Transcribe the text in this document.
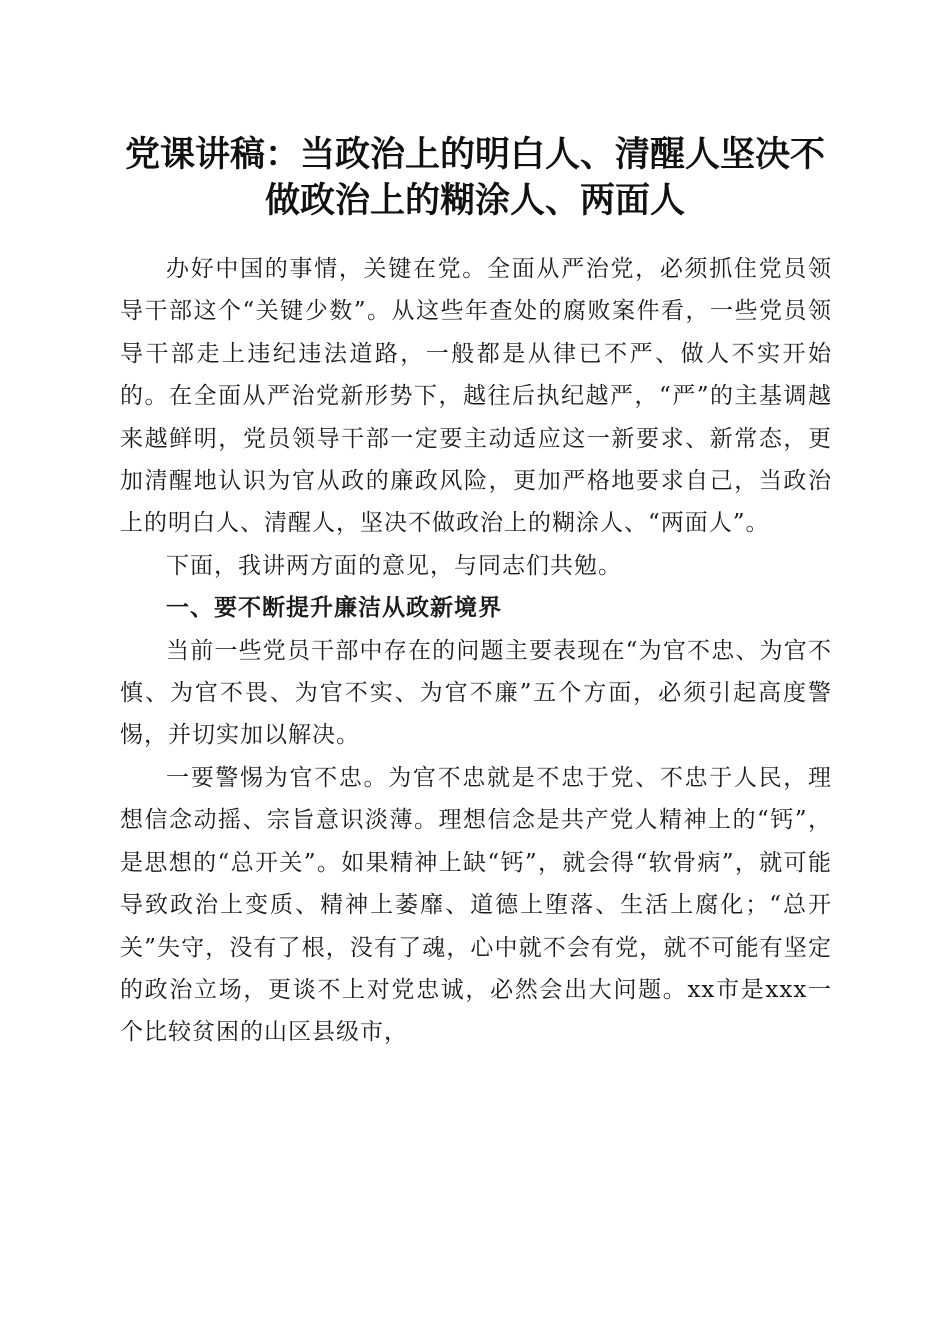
党课讲稿：当政治上的明白人、清醒人坚决不
做政治上的糊涂人、两面人

办好中国的事情，关键在党。全面从严治党，必须抓住党员领导干部这个“关键少数”。从这些年查处的腐败案件看，一些党员领导干部走上违纪违法道路，一般都是从律已不严、做人不实开始的。在全面从严治党新形势下，越往后执纪越严，“严”的主基调越来越鲜明，党员领导干部一定要主动适应这一新要求、新常态，更加清醒地认识为官从政的廉政风险，更加严格地要求自己，当政治上的明白人、清醒人，坚决不做政治上的糊涂人、“两面人”。

下面，我讲两方面的意见，与同志们共勉。

一、要不断提升廉洁从政新境界

当前一些党员干部中存在的问题主要表现在“为官不忠、为官不慎、为官不畏、为官不实、为官不廉”五个方面，必须引起高度警惕，并切实加以解决。

一要警惕为官不忠。为官不忠就是不忠于党、不忠于人民，理想信念动摇、宗旨意识淡薄。理想信念是共产党人精神上的“钙”，是思想的“总开关”。如果精神上缺“钙”，就会得“软骨病”，就可能导致政治上变质、精神上萎靡、道德上堕落、生活上腐化；“总开关”失守，没有了根，没有了魂，心中就不会有党，就不可能有坚定的政治立场，更谈不上对党忠诚，必然会出大问题。xx市是xxx一个比较贫困的山区县级市，
